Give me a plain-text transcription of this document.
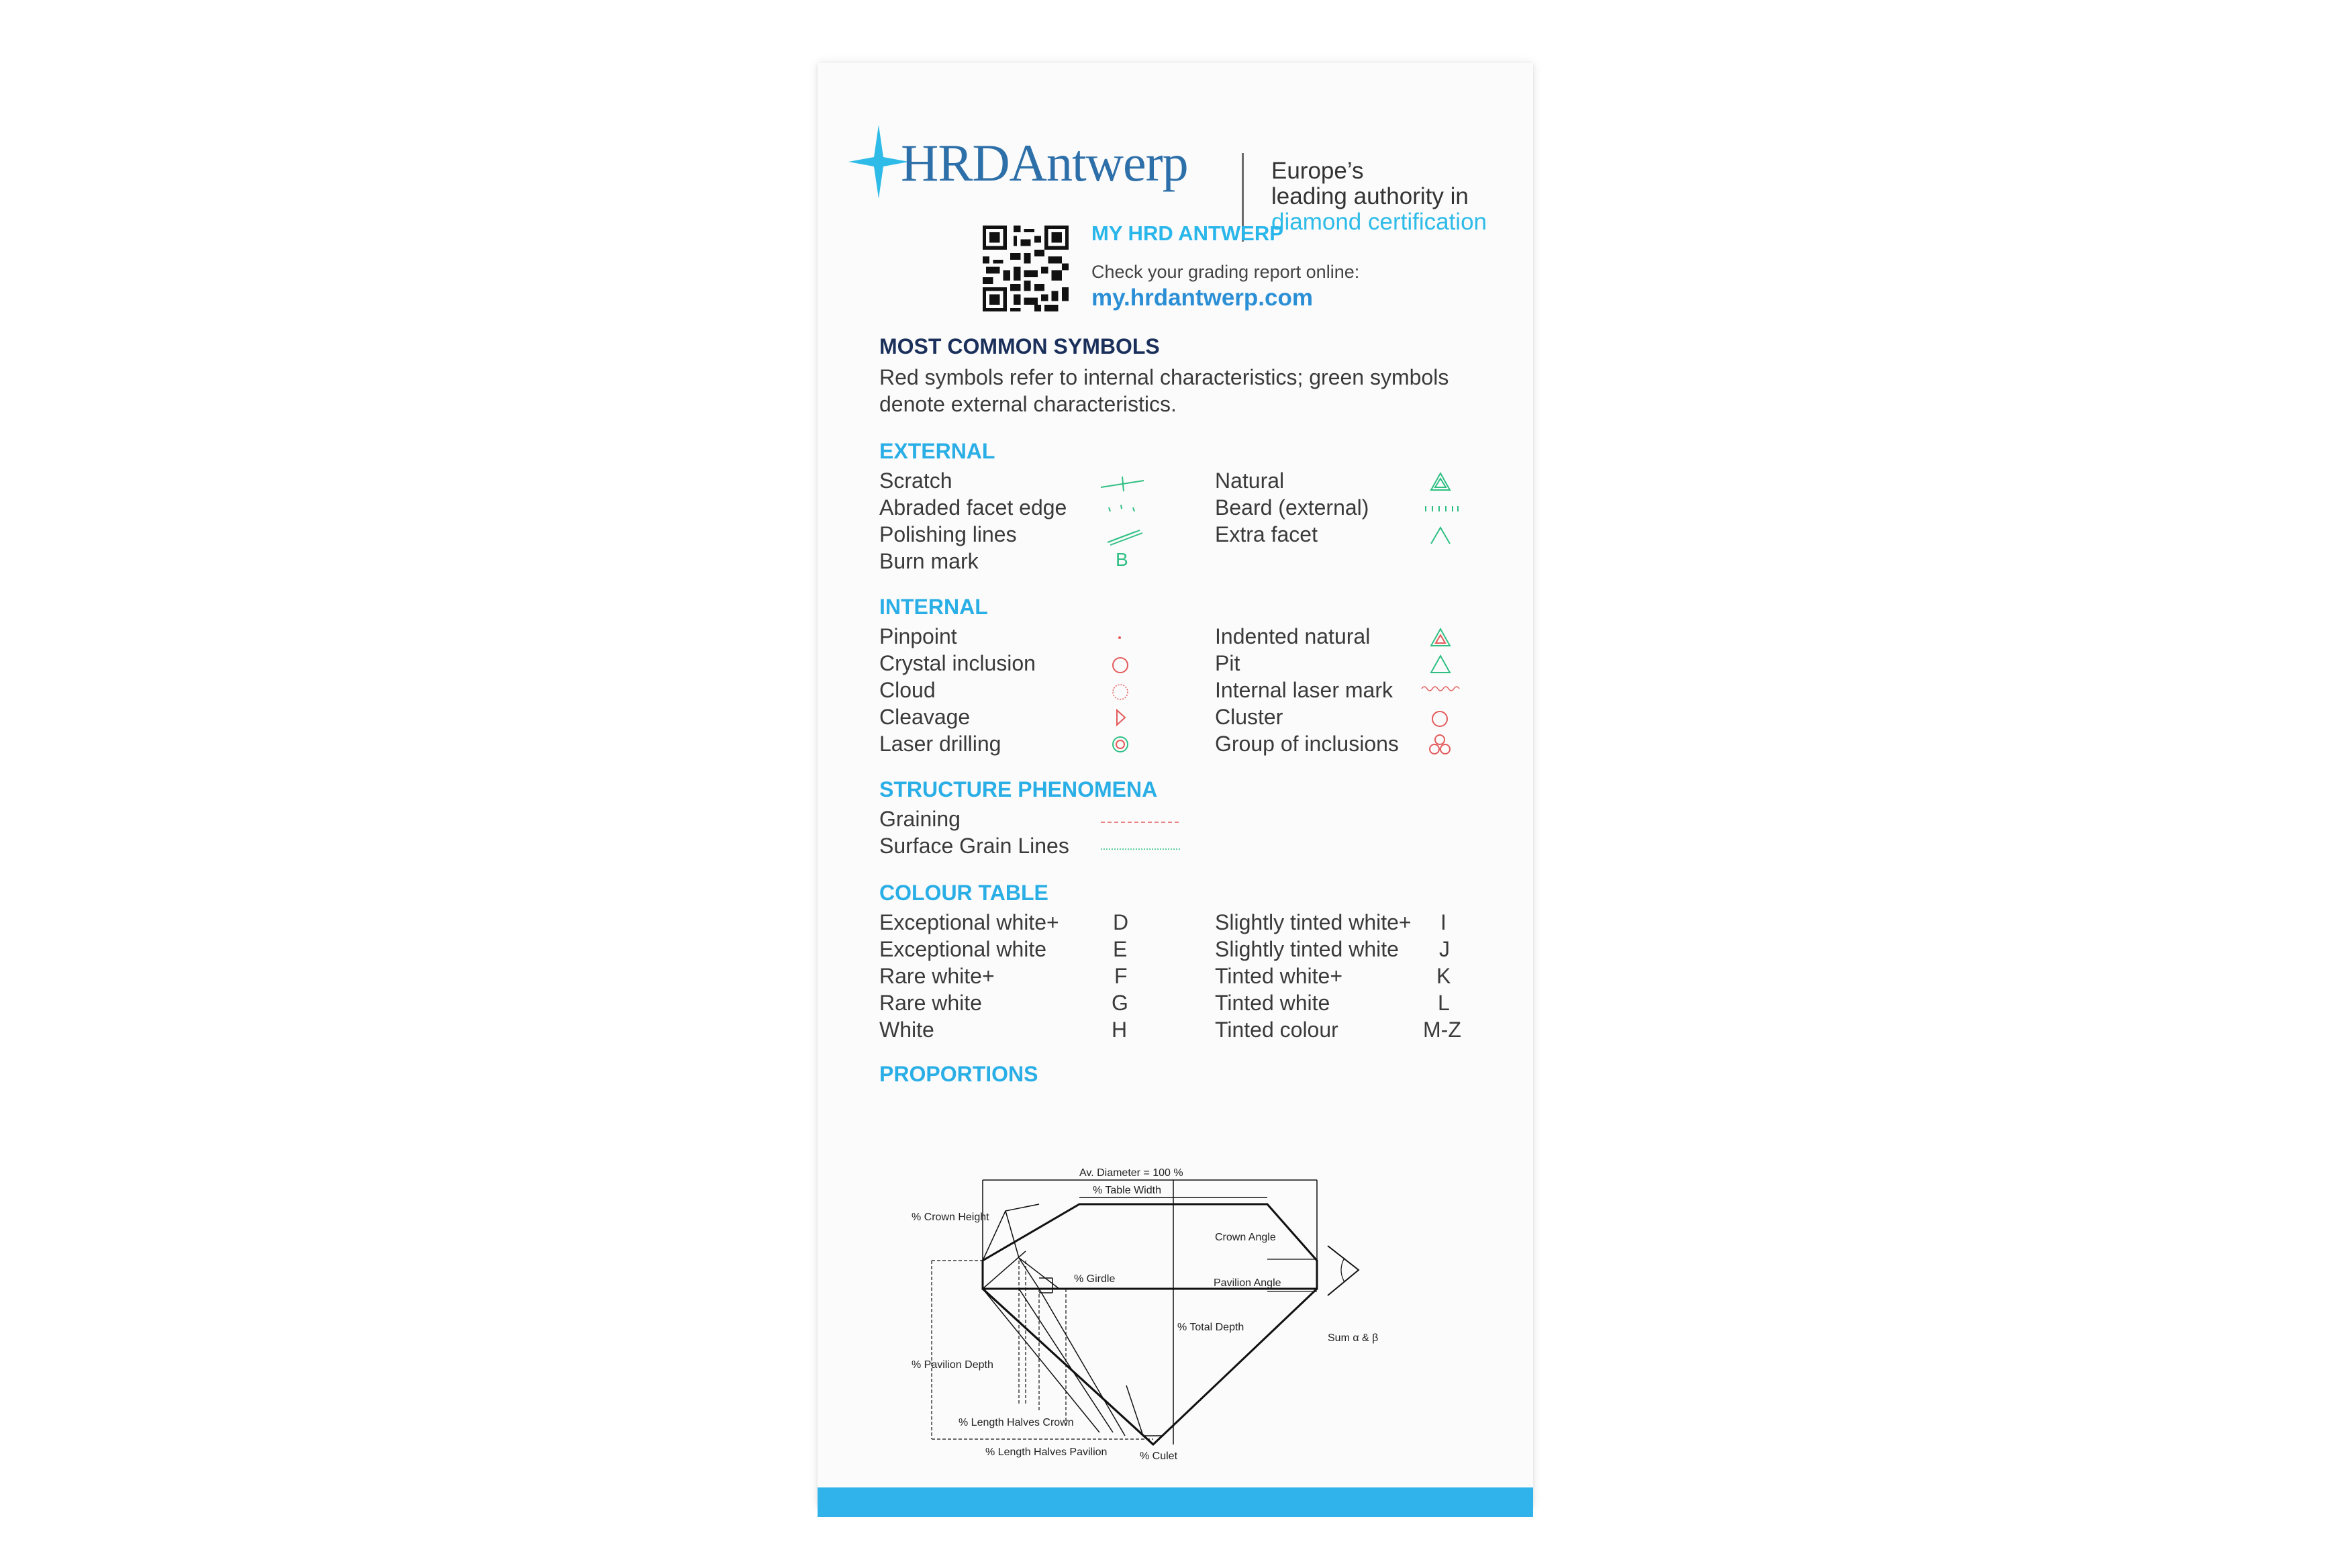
HRDAntwerp	Europe’s
leading authority in
diamond certification
MY HRD ANTWERP
Check your grading report online:
my.hrdantwerp.com
MOST COMMON SYMBOLS
Red symbols refer to internal characteristics; green symbols denote external characteristics.
EXTERNAL
Scratch
Abraded facet edge
Polishing lines
Burn mark	B
Natural
Beard (external)
Extra facet
INTERNAL
Pinpoint
Crystal inclusion
Cloud
Cleavage
Laser drilling
Indented natural
Pit
Internal laser mark
Cluster
Group of inclusions
STRUCTURE PHENOMENA
Graining
Surface Grain Lines
COLOUR TABLE
Exceptional white+
Exceptional white
Rare white+
Rare white
White
D
E
F
G
H
Slightly tinted white+
Slightly tinted white
Tinted white+
Tinted white
Tinted colour
I
J
K
L
M-Z
PROPORTIONS
Av. Diameter = 100 %
% Table Width
% Crown Height
% Girdle
Crown Angle
Pavilion Angle
% Total Depth
Sum α & β
% Pavilion Depth
% Culet
% Length Halves Crown
% Length Halves Pavilion
